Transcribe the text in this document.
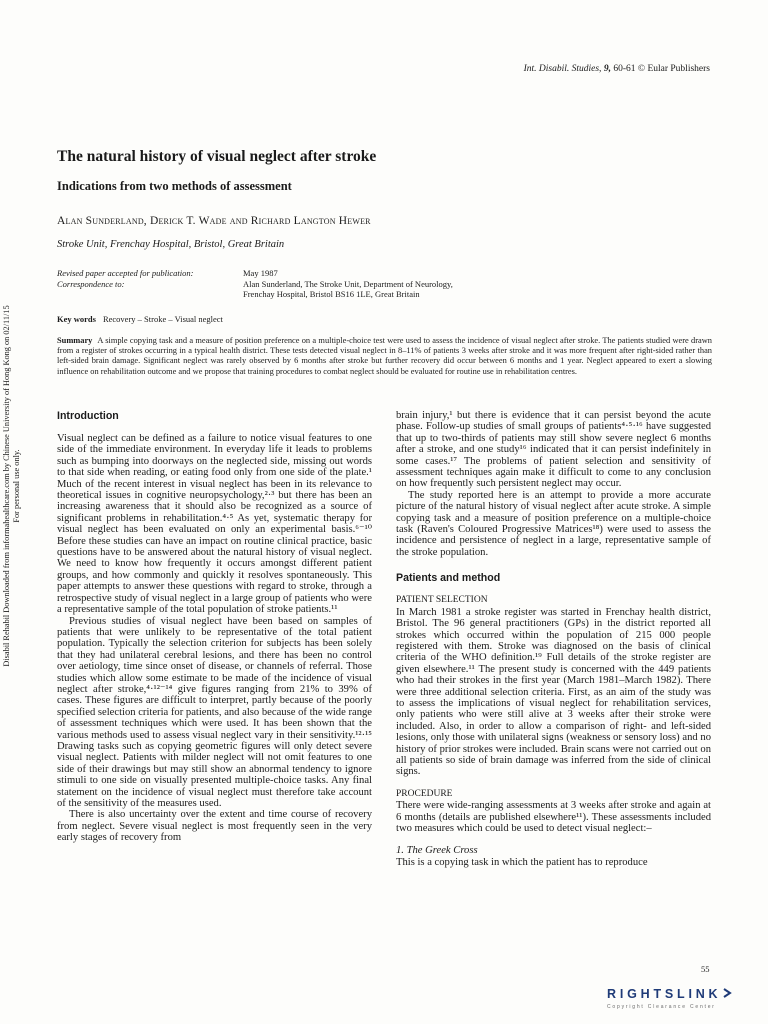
Int. Disabil. Studies, 9, 60-61 © Eular Publishers
Disabil Rehabil Downloaded from informahealthcare.com by Chinese University of Hong Kong on 02/11/15 For personal use only.
The natural history of visual neglect after stroke
Indications from two methods of assessment

Alan Sunderland, Derick T. Wade and Richard Langton Hewer

Stroke Unit, Frenchay Hospital, Bristol, Great Britain

Revised paper accepted for publication:	May 1987
Correspondence to:	Alan Sunderland, The Stroke Unit, Department of Neurology,
	Frenchay Hospital, Bristol BS16 1LE, Great Britain
Key words Recovery – Stroke – Visual neglect

Summary A simple copying task and a measure of position preference on a multiple-choice test were used to assess the incidence of visual neglect after stroke. The patients studied were drawn from a register of strokes occurring in a typical health district. These tests detected visual neglect in 8–11% of patients 3 weeks after stroke and it was more frequent after right-sided rather than left-sided brain damage. Significant neglect was rarely observed by 6 months after stroke but further recovery did occur between 6 months and 1 year. Neglect appeared to exert a slowing influence on rehabilitation outcome and we propose that training procedures to combat neglect should be evaluated for routine use in rehabilitation centres.

Introduction

Visual neglect can be defined as a failure to notice visual features to one side of the immediate environment. In everyday life it leads to problems such as bumping into doorways on the neglected side, missing out words to that side when reading, or eating food only from one side of the plate.¹ Much of the recent interest in visual neglect has been in its relevance to theoretical issues in cognitive neuropsychology,²·³ but there has been an increasing awareness that it should also be recognized as a source of significant problems in rehabilitation.⁴·⁵ As yet, systematic therapy for visual neglect has been evaluated on only an experimental basis.⁶⁻¹⁰ Before these studies can have an impact on routine clinical practice, basic questions have to be answered about the natural history of visual neglect. We need to know how frequently it occurs amongst different patient groups, and how commonly and quickly it resolves spontaneously. This paper attempts to answer these questions with regard to stroke, through a retrospective study of visual neglect in a large group of patients who were a representative sample of the total population of stroke patients.¹¹

Previous studies of visual neglect have been based on samples of patients that were unlikely to be representative of the total patient population. Typically the selection criterion for subjects has been solely that they had unilateral cerebral lesions, and there has been no control over aetiology, time since onset of disease, or channels of referral. Those studies which allow some estimate to be made of the incidence of visual neglect after stroke,⁴·¹²⁻¹⁴ give figures ranging from 21% to 39% of cases. These figures are difficult to interpret, partly because of the poorly specified selection criteria for patients, and also because of the wide range of assessment techniques which were used. It has been shown that the various methods used to assess visual neglect vary in their sensitivity.¹²·¹⁵ Drawing tasks such as copying geometric figures will only detect severe visual neglect. Patients with milder neglect will not omit features to one side of their drawings but may still show an abnormal tendency to ignore stimuli to one side on visually presented multiple-choice tasks. Any final statement on the incidence of visual neglect must therefore take account of the sensitivity of the measures used.

There is also uncertainty over the extent and time course of recovery from neglect. Severe visual neglect is most frequently seen in the very early stages of recovery from

brain injury,¹ but there is evidence that it can persist beyond the acute phase. Follow-up studies of small groups of patients⁴·⁵·¹⁶ have suggested that up to two-thirds of patients may still show severe neglect 6 months after a stroke, and one study¹⁶ indicated that it can persist indefinitely in some cases.¹⁷ The problems of patient selection and sensitivity of assessment techniques again make it difficult to come to any conclusion on how frequently such persistent neglect may occur.

The study reported here is an attempt to provide a more accurate picture of the natural history of visual neglect after acute stroke. A simple copying task and a measure of position preference on a multiple-choice task (Raven's Coloured Progressive Matrices¹⁸) were used to assess the incidence and persistence of neglect in a large, representative sample of the stroke population.

Patients and method
PATIENT SELECTION

In March 1981 a stroke register was started in Frenchay health district, Bristol. The 96 general practitioners (GPs) in the district reported all strokes which occurred within the population of 215 000 people registered with them. Stroke was diagnosed on the basis of clinical criteria of the WHO definition.¹⁹ Full details of the stroke register are given elsewhere.¹¹ The present study is concerned with the 449 patients who had their strokes in the first year (March 1981–March 1982). There were three additional selection criteria. First, as an aim of the study was to assess the implications of visual neglect for rehabilitation services, only patients who were still alive at 3 weeks after their stroke were included. Also, in order to allow a comparison of right- and left-sided lesions, only those with unilateral signs (weakness or sensory loss) and no history of prior strokes were included. Brain scans were not carried out on all patients so side of brain damage was inferred from the side of clinical signs.

PROCEDURE

There were wide-ranging assessments at 3 weeks after stroke and again at 6 months (details are published elsewhere¹¹). These assessments included two measures which could be used to detect visual neglect:–

1. The Greek Cross

This is a copying task in which the patient has to reproduce

55
RIGHTSLINK
Copyright Clearance Center
